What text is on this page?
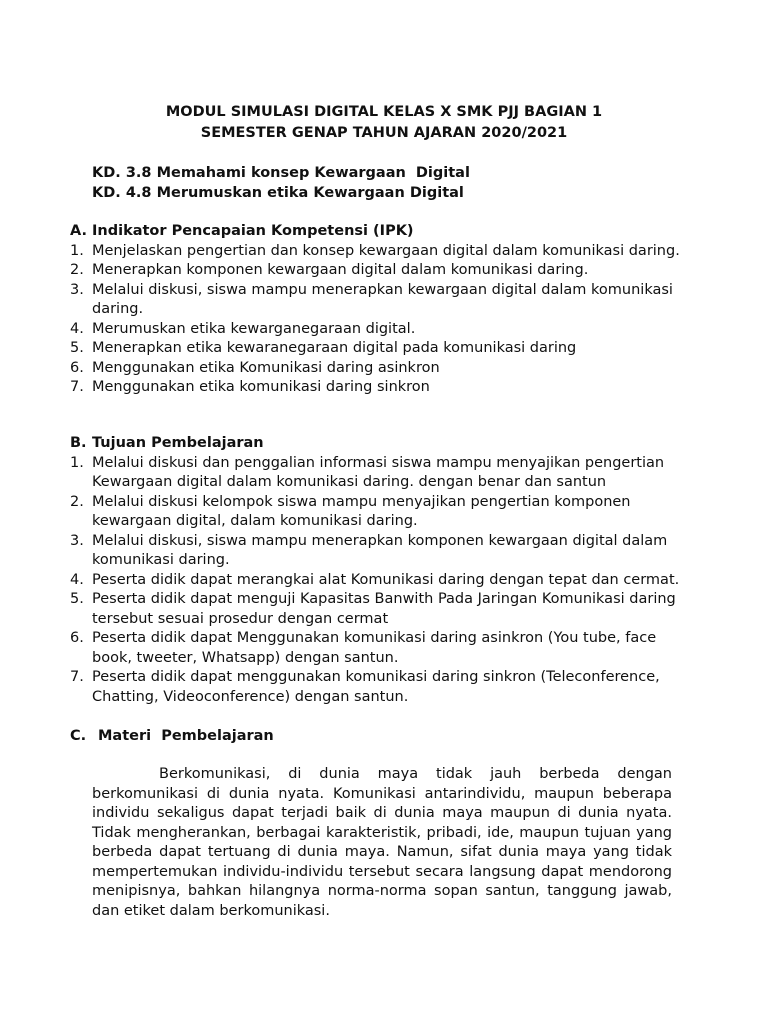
MODUL SIMULASI DIGITAL KELAS X SMK PJJ BAGIAN 1
SEMESTER GENAP TAHUN AJARAN 2020/2021
KD. 3.8 Memahami konsep Kewargaan  Digital
KD. 4.8 Merumuskan etika Kewargaan Digital
A. Indikator Pencapaian Kompetensi (IPK)
1. Menjelaskan pengertian dan konsep kewargaan digital dalam komunikasi daring.
2. Menerapkan komponen kewargaan digital dalam komunikasi daring.
3. Melalui diskusi, siswa mampu menerapkan kewargaan digital dalam komunikasi daring.
4. Merumuskan etika kewarganegaraan digital.
5. Menerapkan etika kewaranegaraan digital pada komunikasi daring
6. Menggunakan etika Komunikasi daring asinkron
7. Menggunakan etika komunikasi daring sinkron
B. Tujuan Pembelajaran
1. Melalui diskusi dan penggalian informasi siswa mampu menyajikan pengertian Kewargaan digital dalam komunikasi daring. dengan benar dan santun
2. Melalui diskusi kelompok siswa mampu menyajikan pengertian komponen kewargaan digital, dalam komunikasi daring.
3. Melalui diskusi, siswa mampu menerapkan komponen kewargaan digital dalam komunikasi daring.
4. Peserta didik dapat merangkai alat Komunikasi daring dengan tepat dan cermat.
5. Peserta didik dapat menguji Kapasitas Banwith Pada Jaringan Komunikasi daring tersebut sesuai prosedur dengan cermat
6. Peserta didik dapat Menggunakan komunikasi daring asinkron (You tube, face book, tweeter, Whatsapp) dengan santun.
7. Peserta didik dapat menggunakan komunikasi daring sinkron (Teleconference, Chatting, Videoconference) dengan santun.
C. Materi  Pembelajaran
Berkomunikasi, di dunia maya tidak jauh berbeda dengan berkomunikasi di dunia nyata. Komunikasi antarindividu, maupun beberapa individu sekaligus dapat terjadi baik di dunia maya maupun di dunia nyata. Tidak mengherankan, berbagai karakteristik, pribadi, ide, maupun tujuan yang berbeda dapat tertuang di dunia maya. Namun, sifat dunia maya yang tidak mempertemukan individu-individu tersebut secara langsung dapat mendorong menipisnya, bahkan hilangnya norma-norma sopan santun, tanggung jawab, dan etiket dalam berkomunikasi.
